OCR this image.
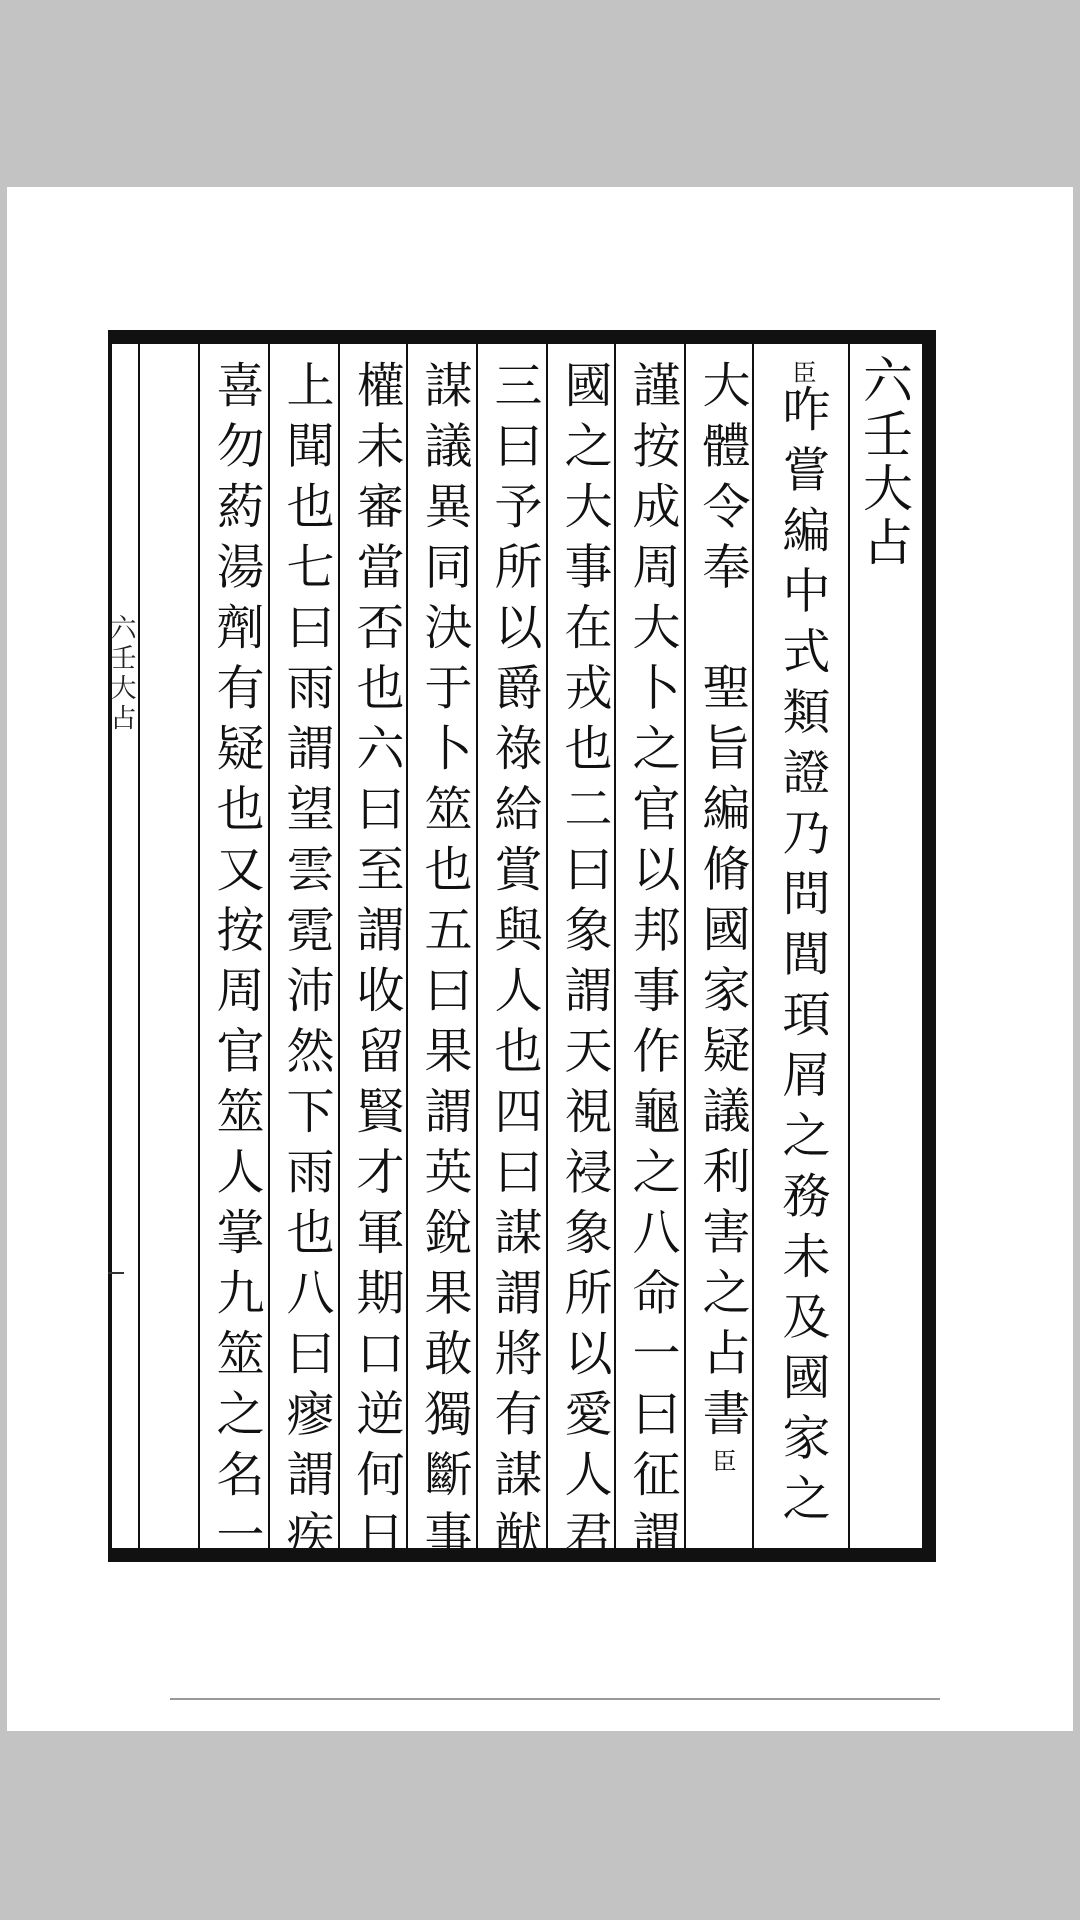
六壬大占
臣咋嘗編中式類證乃問閭頊屑之務未及國家之
大體令奉聖旨編脩國家疑議利害之占書臣
謹按成周大卜之官以邦事作龜之八命一曰征謂
國之大事在戎也二曰象謂天視祲象所以愛人君
三曰予所以爵祿給賞與人也四曰謀謂將有謀猷
謀議異同決于卜筮也五曰果謂英銳果敢獨斷事
權未審當否也六曰至謂收留賢才軍期口逆何日
上聞也七曰雨謂望雲霓沛然下雨也八曰瘳謂疾
喜勿葯湯劑有疑也又按周官筮人掌九筮之名一
六壬大占
